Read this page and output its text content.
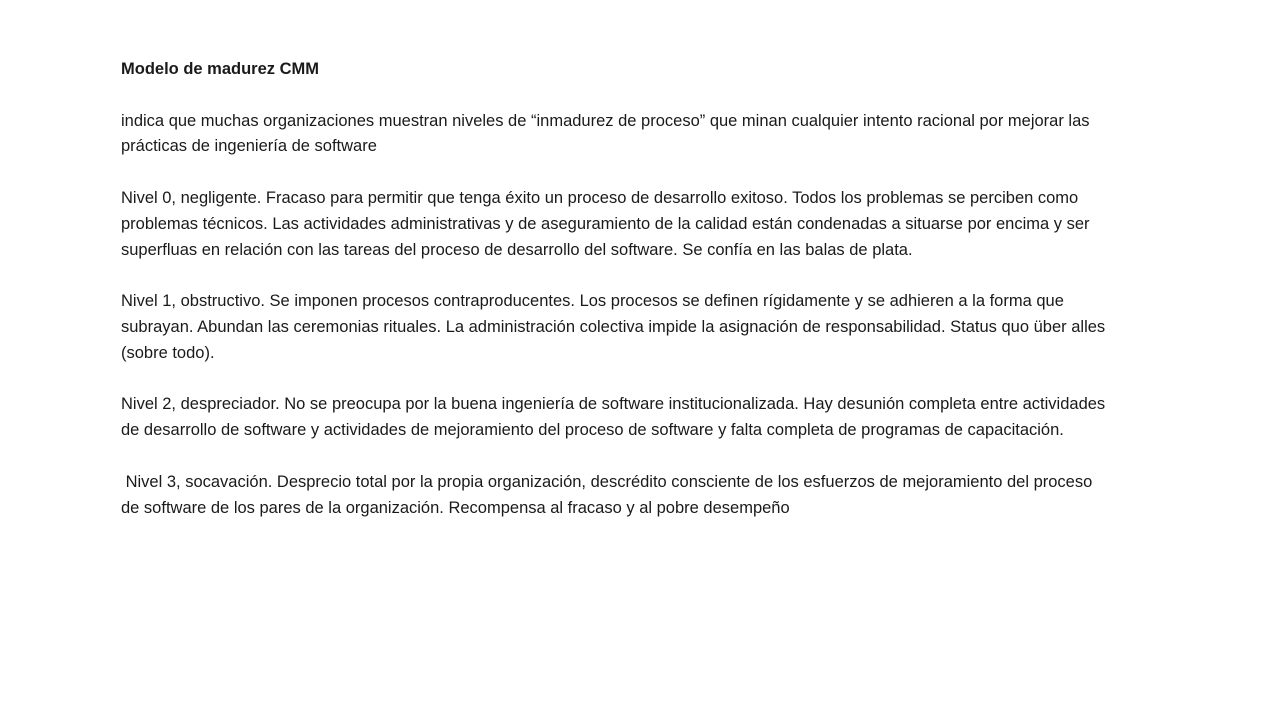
Modelo de madurez CMM

indica que muchas organizaciones muestran niveles de “inmadurez de proceso” que minan cualquier intento racional por mejorar las prácticas de ingeniería de software

Nivel 0, negligente. Fracaso para permitir que tenga éxito un proceso de desarrollo exitoso. Todos los problemas se perciben como problemas técnicos. Las actividades administrativas y de aseguramiento de la calidad están condenadas a situarse por encima y ser superfluas en relación con las tareas del proceso de desarrollo del software. Se confía en las balas de plata.

Nivel 1, obstructivo. Se imponen procesos contraproducentes. Los procesos se definen rígidamente y se adhieren a la forma que subrayan. Abundan las ceremonias rituales. La administración colectiva impide la asignación de responsabilidad. Status quo über alles (sobre todo).

Nivel 2, despreciador. No se preocupa por la buena ingeniería de software institucionalizada. Hay desunión completa entre actividades de desarrollo de software y actividades de mejoramiento del proceso de software y falta completa de programas de capacitación.

Nivel 3, socavación. Desprecio total por la propia organización, descrédito consciente de los esfuerzos de mejoramiento del proceso de software de los pares de la organización. Recompensa al fracaso y al pobre desempeño
